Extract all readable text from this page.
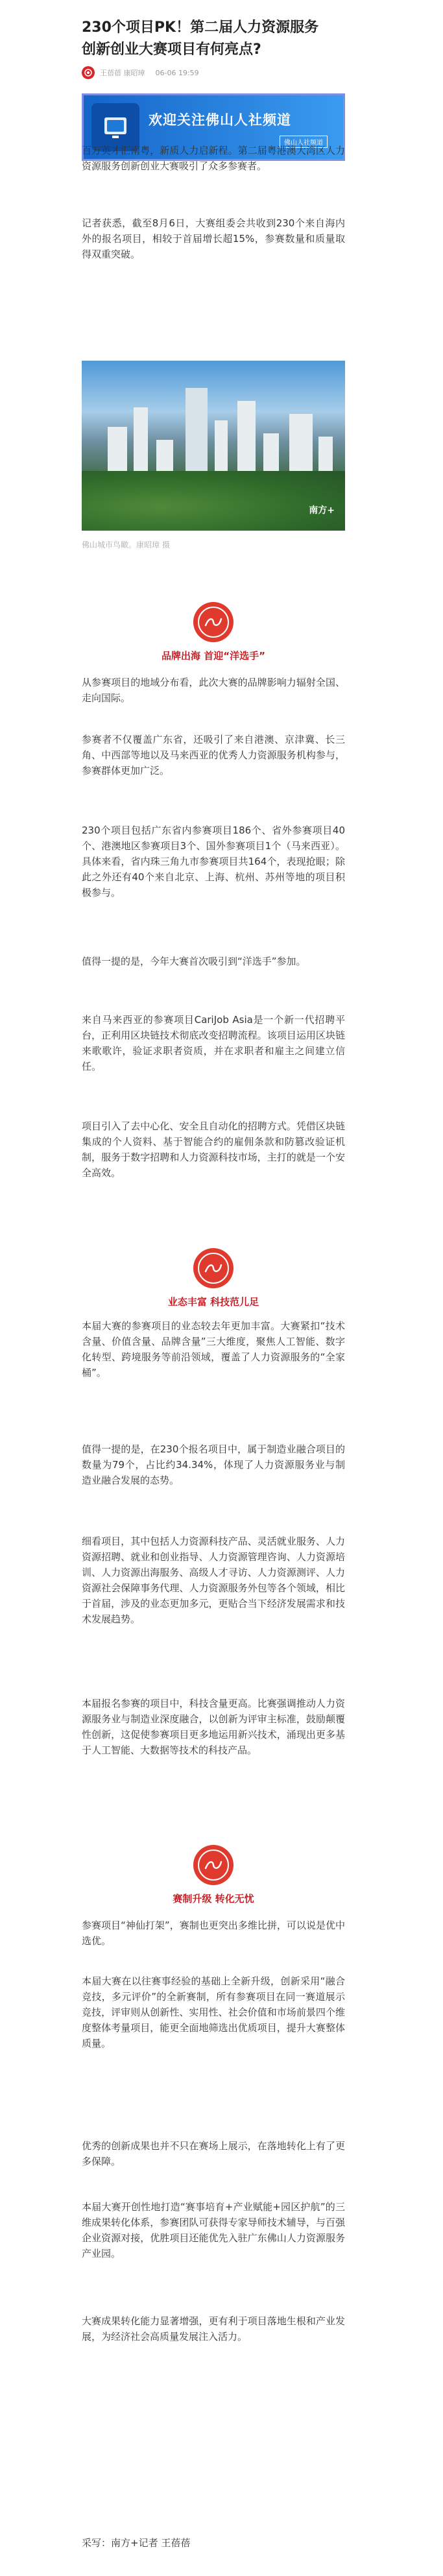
230个项目PK！第二届人力资源服务
创新创业大赛项目有何亮点?
王蓓蓓 康昭璋 06-06 19:59
欢迎关注佛山人社频道
佛山人社频道

百万英才汇南粤，新质人力启新程。第二届粤港澳大湾区人力资源服务创新创业大赛吸引了众多参赛者。

记者获悉，截至8月6日，大赛组委会共收到230个来自海内外的报名项目，相较于首届增长超15%，参赛数量和质量取得双重突破。

南方+
佛山城市鸟瞰。康昭璋 摄
品牌出海 首迎“洋选手”

从参赛项目的地域分布看，此次大赛的品牌影响力辐射全国、走向国际。

参赛者不仅覆盖广东省，还吸引了来自港澳、京津冀、长三角、中西部等地以及马来西亚的优秀人力资源服务机构参与，参赛群体更加广泛。

230个项目包括广东省内参赛项目186个、省外参赛项目40个、港澳地区参赛项目3个、国外参赛项目1个（马来西亚）。具体来看，省内珠三角九市参赛项目共164个，表现抢眼；除此之外还有40个来自北京、上海、杭州、苏州等地的项目积极参与。

值得一提的是，今年大赛首次吸引到“洋选手”参加。

来自马来西亚的参赛项目CariJob Asia是一个新一代招聘平台，正利用区块链技术彻底改变招聘流程。该项目运用区块链来歌歌许，验证求职者资质，并在求职者和雇主之间建立信任。

项目引入了去中心化、安全且自动化的招聘方式。凭借区块链集成的个人资料、基于智能合约的雇佣条款和防篡改验证机制，服务于数字招聘和人力资源科技市场，主打的就是一个安全高效。

业态丰富 科技范儿足

本届大赛的参赛项目的业态较去年更加丰富。大赛紧扣“技术含量、价值含量、品牌含量”三大维度，聚焦人工智能、数字化转型、跨境服务等前沿领域，覆盖了人力资源服务的“全家桶”。

值得一提的是，在230个报名项目中，属于制造业融合项目的数量为79个，占比约34.34%，体现了人力资源服务业与制造业融合发展的态势。

细看项目，其中包括人力资源科技产品、灵活就业服务、人力资源招聘、就业和创业指导、人力资源管理咨询、人力资源培训、人力资源出海服务、高级人才寻访、人力资源测评、人力资源社会保障事务代理、人力资源服务外包等各个领域，相比于首届，涉及的业态更加多元，更贴合当下经济发展需求和技术发展趋势。

本届报名参赛的项目中，科技含量更高。比赛强调推动人力资源服务业与制造业深度融合，以创新为评审主标准，鼓励颠覆性创新，这促使参赛项目更多地运用新兴技术，涌现出更多基于人工智能、大数据等技术的科技产品。

赛制升级 转化无忧

参赛项目“神仙打架”，赛制也更突出多维比拼，可以说是优中选优。

本届大赛在以往赛事经验的基础上全新升级，创新采用“融合竞技，多元评价”的全新赛制，所有参赛项目在同一赛道展示竞技，评审则从创新性、实用性、社会价值和市场前景四个维度整体考量项目，能更全面地筛选出优质项目，提升大赛整体质量。

优秀的创新成果也并不只在赛场上展示，在落地转化上有了更多保障。

本届大赛开创性地打造“赛事培育+产业赋能+园区护航”的三维成果转化体系，参赛团队可获得专家导师技术辅导，与百强企业资源对接，优胜项目还能优先入驻广东佛山人力资源服务产业园。

大赛成果转化能力显著增强，更有利于项目落地生根和产业发展，为经济社会高质量发展注入活力。

采写：南方+记者 王蓓蓓
